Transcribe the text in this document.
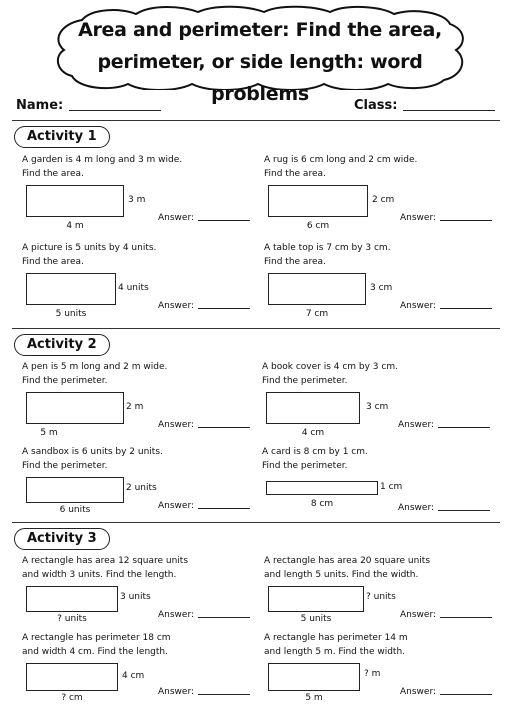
Area and perimeter: Find the area,
perimeter, or side length: word problems
Name:	Class:
Activity 1
A garden is 4 m long and 3 m wide.
Find the area.
3 m
4 m
Answer:
A rug is 6 cm long and 2 cm wide.
Find the area.
2 cm
6 cm
Answer:
A picture is 5 units by 4 units.
Find the area.
4 units
5 units
Answer:
A table top is 7 cm by 3 cm.
Find the area.
3 cm
7 cm
Answer:
Activity 2
A pen is 5 m long and 2 m wide.
Find the perimeter.
2 m
5 m
Answer:
A book cover is 4 cm by 3 cm.
Find the perimeter.
3 cm
4 cm
Answer:
A sandbox is 6 units by 2 units.
Find the perimeter.
2 units
6 units	Answer:
A card is 8 cm by 1 cm.
Find the perimeter.
1 cm
8 cm	Answer:
Activity 3
A rectangle has area 12 square units
and width 3 units. Find the length.
3 units
? units	Answer:
A rectangle has area 20 square units
and length 5 units. Find the width.
? units
5 units	Answer:
A rectangle has perimeter 18 cm
and width 4 cm. Find the length.
4 cm
? cm
Answer:
A rectangle has perimeter 14 m
and length 5 m. Find the width.
? m
5 m
Answer:
